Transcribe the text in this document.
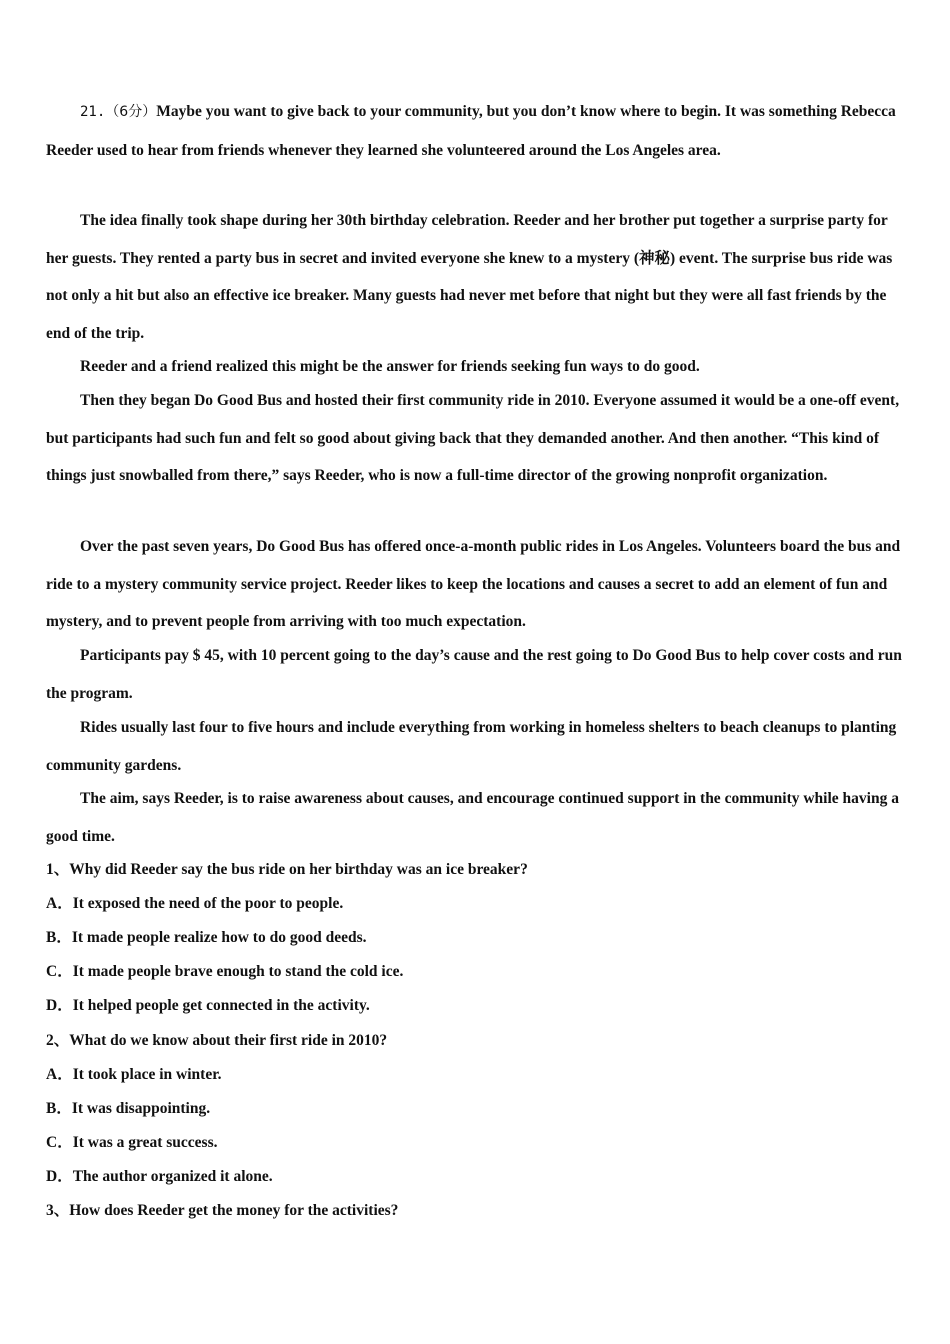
21.（6分）Maybe you want to give back to your community, but you don’t know where to begin. It was something Rebecca Reeder used to hear from friends whenever they learned she volunteered around the Los Angeles area.

The idea finally took shape during her 30th birthday celebration. Reeder and her brother put together a surprise party for her guests. They rented a party bus in secret and invited everyone she knew to a mystery (神秘) event. The surprise bus ride was not only a hit but also an effective ice breaker. Many guests had never met before that night but they were all fast friends by the end of the trip.

Reeder and a friend realized this might be the answer for friends seeking fun ways to do good.

Then they began Do Good Bus and hosted their first community ride in 2010. Everyone assumed it would be a one-off event, but participants had such fun and felt so good about giving back that they demanded another. And then another. “This kind of things just snowballed from there,” says Reeder, who is now a full-time director of the growing nonprofit organization.

Over the past seven years, Do Good Bus has offered once-a-month public rides in Los Angeles. Volunteers board the bus and ride to a mystery community service project. Reeder likes to keep the locations and causes a secret to add an element of fun and mystery, and to prevent people from arriving with too much expectation.

Participants pay $ 45, with 10 percent going to the day’s cause and the rest going to Do Good Bus to help cover costs and run the program.

Rides usually last four to five hours and include everything from working in homeless shelters to beach cleanups to planting community gardens.

The aim, says Reeder, is to raise awareness about causes, and encourage continued support in the community while having a good time.

1、Why did Reeder say the bus ride on her birthday was an ice breaker?
A．It exposed the need of the poor to people.
B．It made people realize how to do good deeds.
C．It made people brave enough to stand the cold ice.
D．It helped people get connected in the activity.
2、What do we know about their first ride in 2010?
A．It took place in winter.
B．It was disappointing.
C．It was a great success.
D．The author organized it alone.
3、How does Reeder get the money for the activities?
